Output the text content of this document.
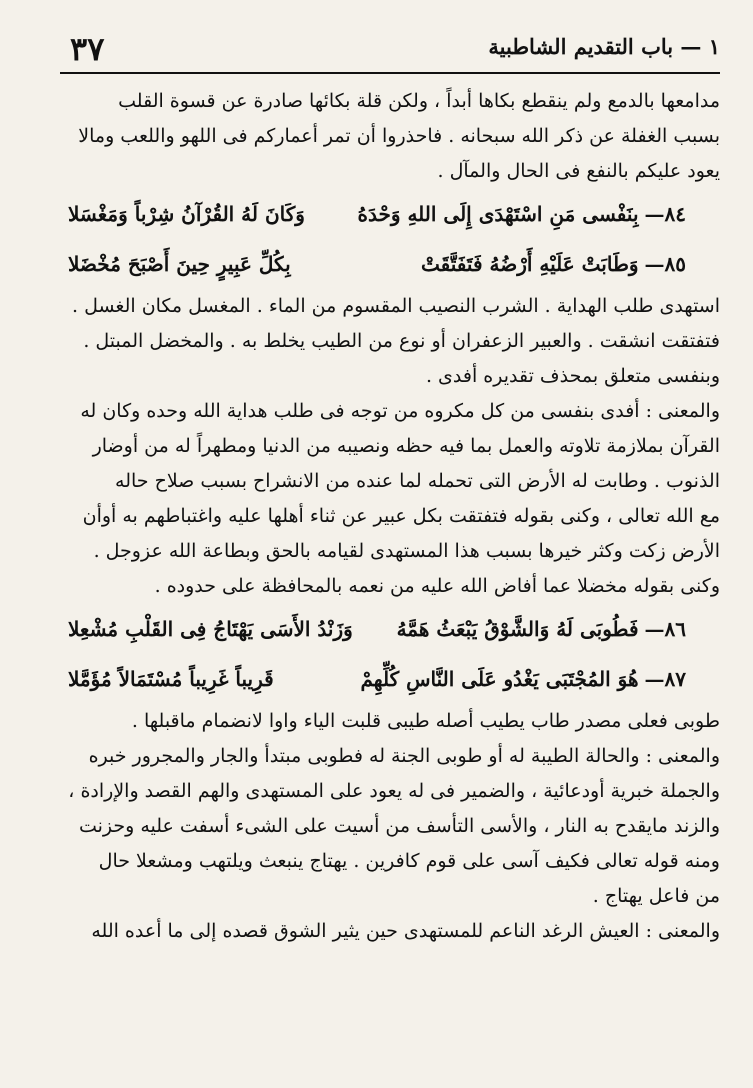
١ — باب التقديم الشاطبية
٣٧
مدامعها بالدمع ولم ينقطع بكاها أبداً ، ولكن قلة بكائها صادرة عن قسوة القلب
بسبب الغفلة عن ذكر الله سبحانه . فاحذروا أن تمر أعماركم فى اللهو واللعب ومالا
يعود عليكم بالنفع فى الحال والمآل .
٨٤—بِنَفْسى مَنِ اسْتَهْدَى إِلَى اللهِ وَحْدَهُ
وَكَانَ لَهُ القُرْآنُ شِرْباً وَمَغْسَلا
٨٥—وَطَابَتْ عَلَيْهِ أَرْضُهُ فَتَفَتَّقَتْ
بِكُلِّ عَبِيرٍ حِينَ أَصْبَحَ مُخْضَلا
استهدى طلب الهداية . الشرب النصيب المقسوم من الماء . المغسل مكان الغسل .
فتفتقت انشقت . والعبير الزعفران أو نوع من الطيب يخلط به . والمخضل المبتل .
وبنفسى متعلق بمحذف تقديره أفدى .
والمعنى : أفدى بنفسى من كل مكروه من توجه فى طلب هداية الله وحده وكان له
القرآن بملازمة تلاوته والعمل بما فيه حظه ونصيبه من الدنيا ومطهراً له من أوضار
الذنوب . وطابت له الأرض التى تحمله لما عنده من الانشراح بسبب صلاح حاله
مع الله تعالى ، وكنى بقوله فتفتقت بكل عبير عن ثناء أهلها عليه واغتباطهم به أوأن
الأرض زكت وكثر خيرها بسبب هذا المستهدى لقيامه بالحق وبطاعة الله عزوجل .
وكنى بقوله مخضلا عما أفاض الله عليه من نعمه بالمحافظة على حدوده .
٨٦—فَطُوبَى لَهُ وَالشَّوْقُ يَبْعَثُ هَمَّهُ
وَزَنْدُ الأَسَى يَهْتَاجُ فِى القَلْبِ مُشْعِلا
٨٧—هُوَ المُجْتَبَى يَغْدُو عَلَى النَّاسِ كُلِّهِمْ
قَرِيباً غَرِيباً مُسْتَمَالاً مُؤَمَّلا
طوبى فعلى مصدر طاب يطيب أصله طيبى قلبت الياء واوا لانضمام ماقبلها .
والمعنى : والحالة الطيبة له أو طوبى الجنة له فطوبى مبتدأ والجار والمجرور خبره
والجملة خبرية أودعائية ، والضمير فى له يعود على المستهدى والهم القصد والإرادة ،
والزند مايقدح به النار ، والأسى التأسف من أسيت على الشىء أسفت عليه وحزنت
ومنه قوله تعالى فكيف آسى على قوم كافرين . يهتاج ينبعث ويلتهب ومشعلا حال
من فاعل يهتاج .
والمعنى : العيش الرغد الناعم للمستهدى حين يثير الشوق قصده إلى ما أعده الله
